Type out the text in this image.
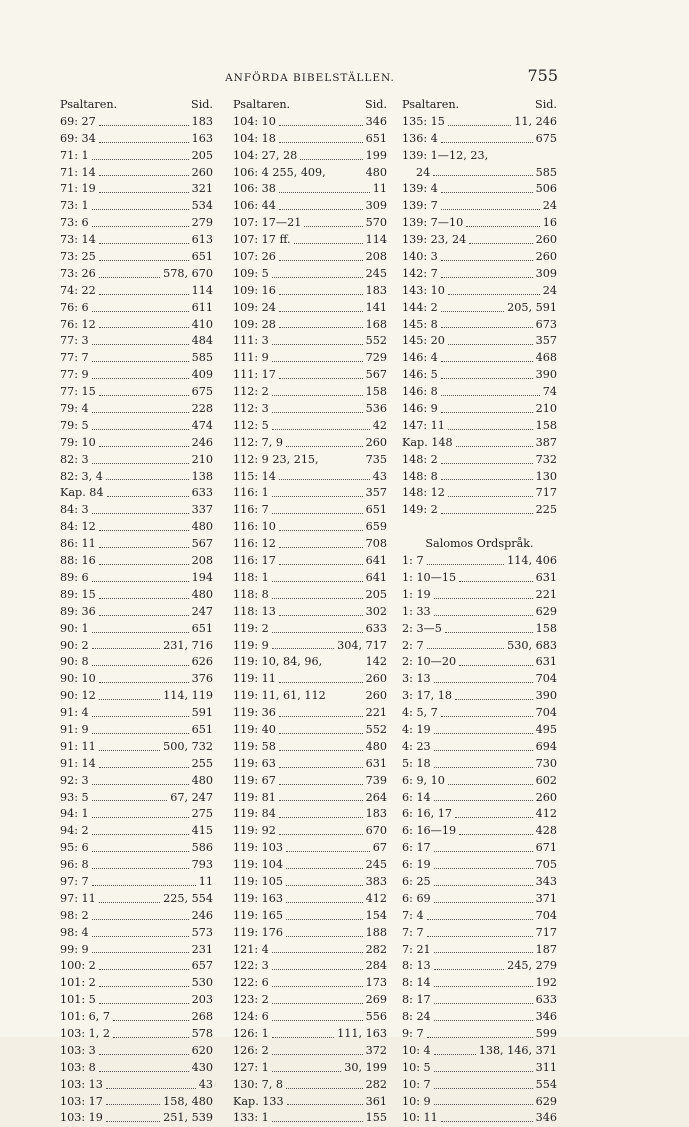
ANFÖRDA BIBELSTÄLLEN.	755
Psaltaren.	Sid.
69: 27	183
69: 34	163
71: 1	205
71: 14	260
71: 19	321
73: 1	534
73: 6	279
73: 14	613
73: 25	651
73: 26	578, 670
74: 22	114
76: 6	611
76: 12	410
77: 3	484
77: 7	585
77: 9	409
77: 15	675
79: 4	228
79: 5	474
79: 10	246
82: 3	210
82: 3, 4	138
Kap. 84	633
84: 3	337
84: 12	480
86: 11	567
88: 16	208
89: 6	194
89: 15	480
89: 36	247
90: 1	651
90: 2	231, 716
90: 8	626
90: 10	376
90: 12	114, 119
91: 4	591
91: 9	651
91: 11	500, 732
91: 14	255
92: 3	480
93: 5	67, 247
94: 1	275
94: 2	415
95: 6	586
96: 8	793
97: 7	11
97: 11	225, 554
98: 2	246
98: 4	573
99: 9	231
100: 2	657
101: 2	530
101: 5	203
101: 6, 7	268
103: 1, 2	578
103: 3	620
103: 8	430
103: 13	43
103: 17	158, 480
103: 19	251, 539
Psaltaren.	Sid.
104: 10	346
104: 18	651
104: 27, 28	199
106: 4 255, 409,	480
106: 38	11
106: 44	309
107: 17—21	570
107: 17 ff.	114
107: 26	208
109: 5	245
109: 16	183
109: 24	141
109: 28	168
111: 3	552
111: 9	729
111: 17	567
112: 2	158
112: 3	536
112: 5	42
112: 7, 9	260
112: 9 23, 215,	735
115: 14	43
116: 1	357
116: 7	651
116: 10	659
116: 12	708
116: 17	641
118: 1	641
118: 8	205
118: 13	302
119: 2	633
119: 9	304, 717
119: 10, 84, 96,	142
119: 11	260
119: 11, 61, 112	260
119: 36	221
119: 40	552
119: 58	480
119: 63	631
119: 67	739
119: 81	264
119: 84	183
119: 92	670
119: 103	67
119: 104	245
119: 105	383
119: 163	412
119: 165	154
119: 176	188
121: 4	282
122: 3	284
122: 6	173
123: 2	269
124: 6	556
126: 1	111, 163
126: 2	372
127: 1	30, 199
130: 7, 8	282
Kap. 133	361
133: 1	155
Psaltaren.	Sid.
135: 15	11, 246
136: 4	675
139: 1—12, 23,
24	585
139: 4	506
139: 7	24
139: 7—10	16
139: 23, 24	260
140: 3	260
142: 7	309
143: 10	24
144: 2	205, 591
145: 8	673
145: 20	357
146: 4	468
146: 5	390
146: 8	74
146: 9	210
147: 11	158
Kap. 148	387
148: 2	732
148: 8	130
148: 12	717
149: 2	225
Salomos Ordspråk.
1: 7	114, 406
1: 10—15	631
1: 19	221
1: 33	629
2: 3—5	158
2: 7	530, 683
2: 10—20	631
3: 13	704
3: 17, 18	390
4: 5, 7	704
4: 19	495
4: 23	694
5: 18	730
6: 9, 10	602
6: 14	260
6: 16, 17	412
6: 16—19	428
6: 17	671
6: 19	705
6: 25	343
6: 69	371
7: 4	704
7: 7	717
7: 21	187
8: 13	245, 279
8: 14	192
8: 17	633
8: 24	346
9: 7	599
10: 4	138, 146, 371
10: 5	311
10: 7	554
10: 9	629
10: 11	346
